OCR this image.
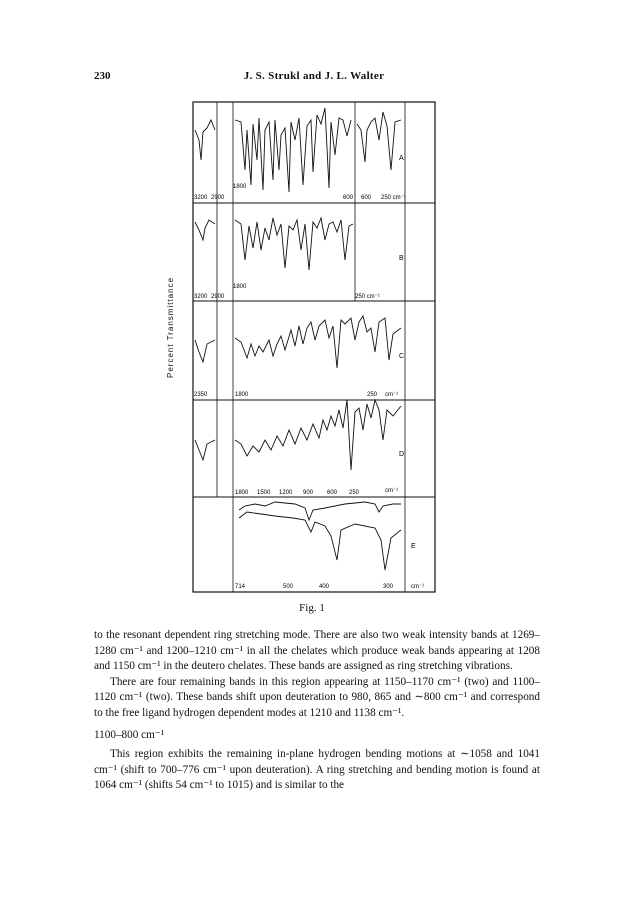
230	J. S. Strukl and J. L. Walter
Percent Transmittance
A
3200 2900
1800
600 600 250 cm⁻¹
B
3200 2900
1800
250 cm⁻¹
C
2350	1800	250 cm⁻¹
D
1800 1500 1200 900 600 250	cm⁻¹
E
714	500	400	300	cm⁻¹
Fig. 1

to the resonant dependent ring stretching mode. There are also two weak intensity bands at 1269–1280 cm⁻¹ and 1200–1210 cm⁻¹ in all the chelates which produce weak bands appearing at 1208 and 1150 cm⁻¹ in the deutero chelates. These bands are assigned as ring stretching vibrations.

There are four remaining bands in this region appearing at 1150–1170 cm⁻¹ (two) and 1100–1120 cm⁻¹ (two). These bands shift upon deuteration to 980, 865 and ∼800 cm⁻¹ and correspond to the free ligand hydrogen dependent modes at 1210 and 1138 cm⁻¹.

1100–800 cm⁻¹

This region exhibits the remaining in-plane hydrogen bending motions at ∼1058 and 1041 cm⁻¹ (shift to 700–776 cm⁻¹ upon deuteration). A ring stretching and bending motion is found at 1064 cm⁻¹ (shifts 54 cm⁻¹ to 1015) and is similar to the
